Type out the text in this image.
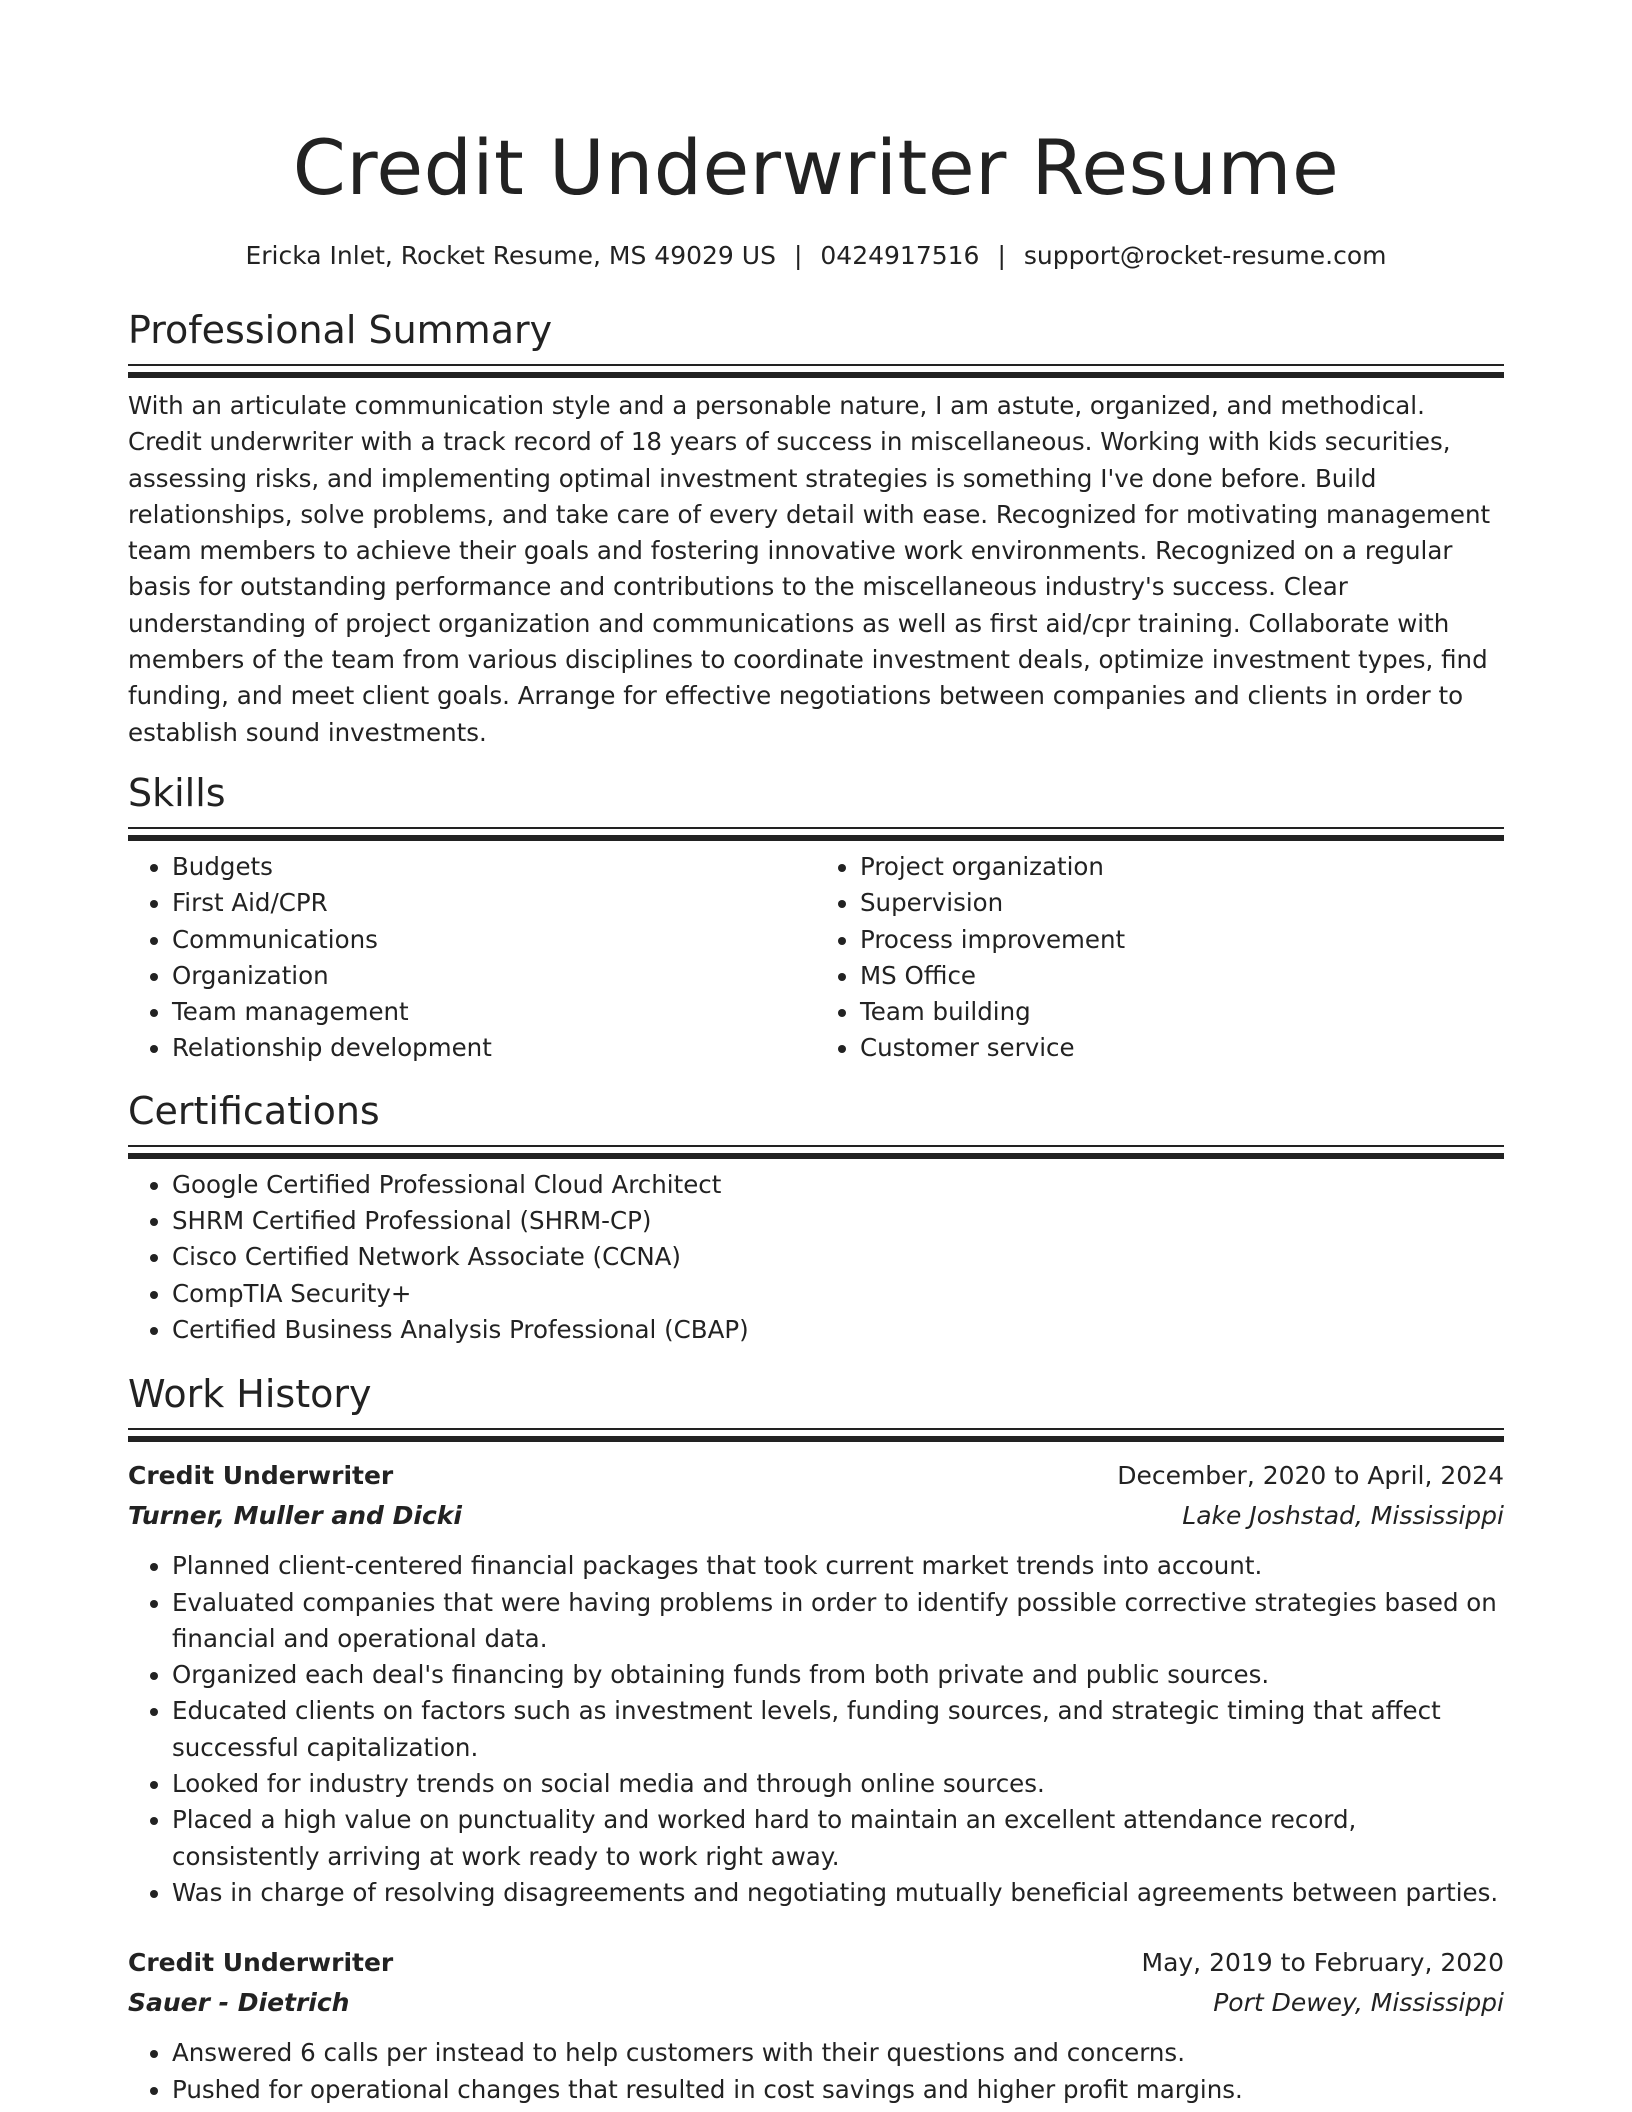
Credit Underwriter Resume
Ericka Inlet, Rocket Resume, MS 49029 US | 0424917516 | support@rocket-resume.com
Professional Summary

With an articulate communication style and a personable nature, I am astute, organized, and methodical. Credit underwriter with a track record of 18 years of success in miscellaneous. Working with kids securities, assessing risks, and implementing optimal investment strategies is something I've done before. Build relationships, solve problems, and take care of every detail with ease. Recognized for motivating management team members to achieve their goals and fostering innovative work environments. Recognized on a regular basis for outstanding performance and contributions to the miscellaneous industry's success. Clear understanding of project organization and communications as well as first aid/cpr training. Collaborate with members of the team from various disciplines to coordinate investment deals, optimize investment types, find funding, and meet client goals. Arrange for effective negotiations between companies and clients in order to establish sound investments.

Skills
• Budgets
• First Aid/CPR
• Communications
• Organization
• Team management
• Relationship development
• Project organization
• Supervision
• Process improvement
• MS Office
• Team building
• Customer service
Certifications
• Google Certified Professional Cloud Architect
• SHRM Certified Professional (SHRM-CP)
• Cisco Certified Network Associate (CCNA)
• CompTIA Security+
• Certified Business Analysis Professional (CBAP)
Work History
Credit Underwriter	December, 2020 to April, 2024
Turner, Muller and Dicki	Lake Joshstad, Mississippi
• Planned client-centered financial packages that took current market trends into account.
• Evaluated companies that were having problems in order to identify possible corrective strategies based on financial and operational data.
• Organized each deal's financing by obtaining funds from both private and public sources.
• Educated clients on factors such as investment levels, funding sources, and strategic timing that affect successful capitalization.
• Looked for industry trends on social media and through online sources.
• Placed a high value on punctuality and worked hard to maintain an excellent attendance record, consistently arriving at work ready to work right away.
• Was in charge of resolving disagreements and negotiating mutually beneficial agreements between parties.
Credit Underwriter	May, 2019 to February, 2020
Sauer - Dietrich	Port Dewey, Mississippi
• Answered 6 calls per instead to help customers with their questions and concerns.
• Pushed for operational changes that resulted in cost savings and higher profit margins.
